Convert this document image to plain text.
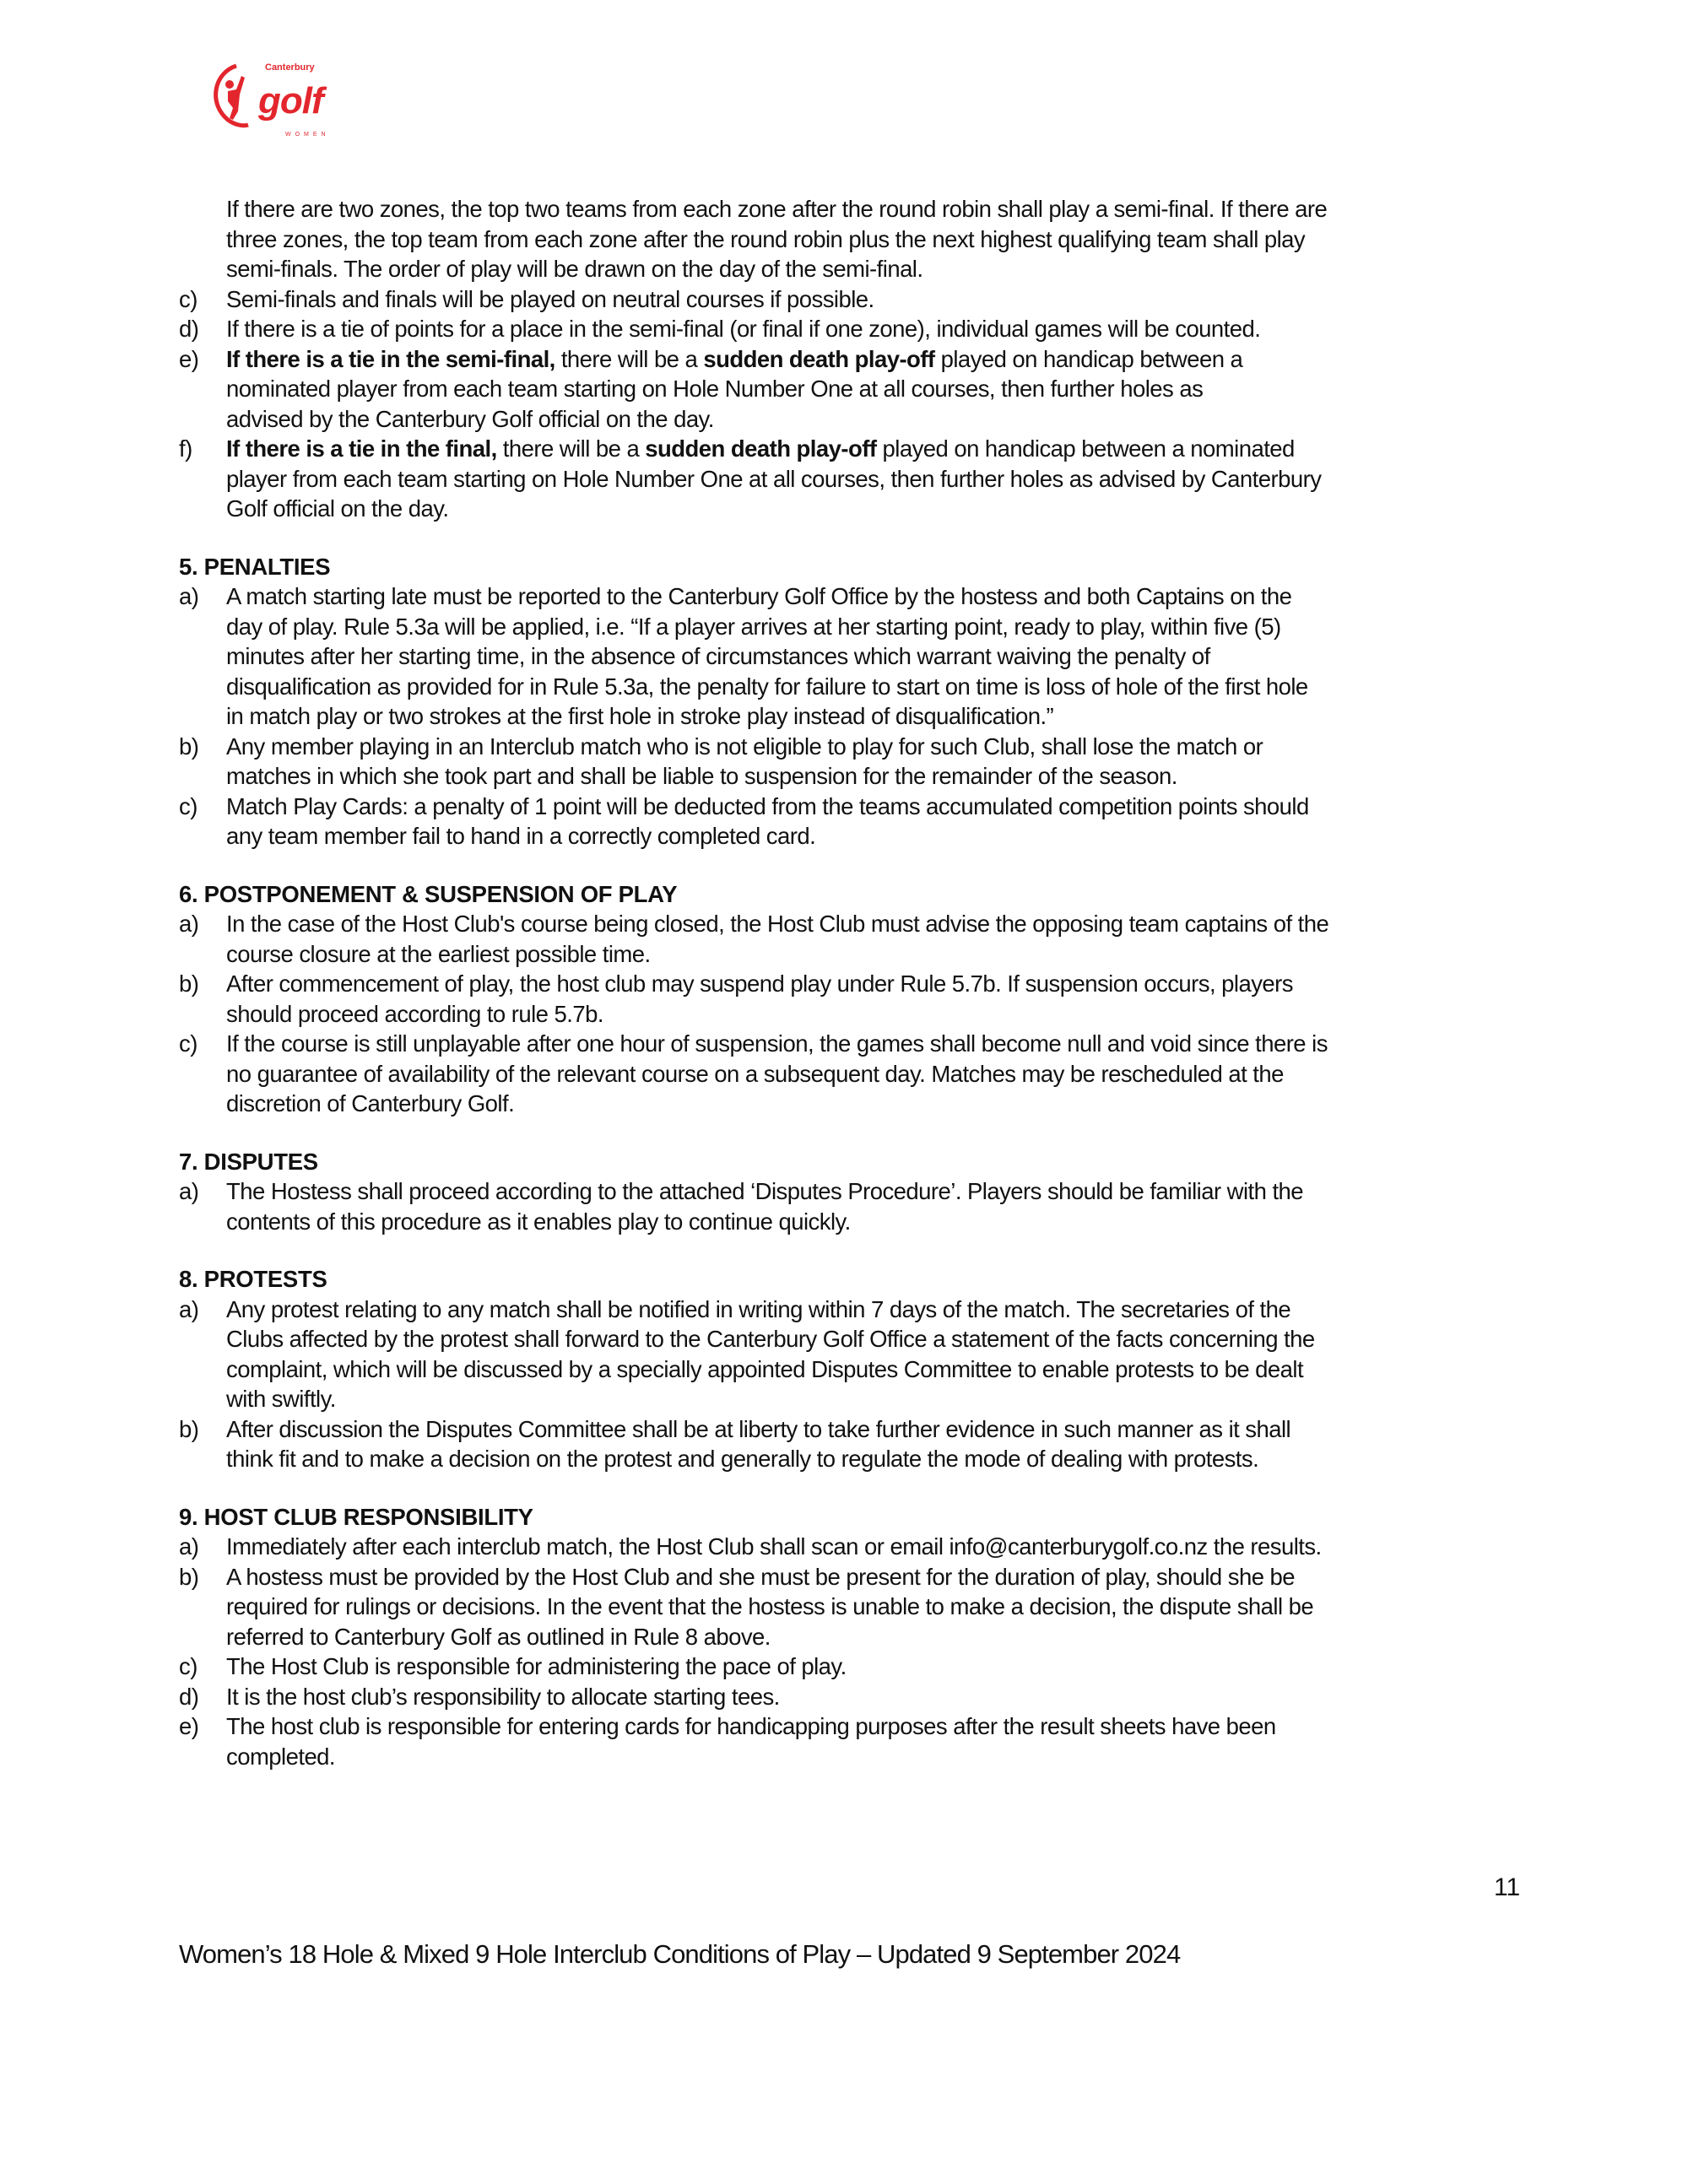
Canterbury
golf
WOMEN
If there are two zones, the top two teams from each zone after the round robin shall play a semi-final. If there are
three zones, the top team from each zone after the round robin plus the next highest qualifying team shall play
semi-finals. The order of play will be drawn on the day of the semi-final.
c)	Semi-finals and finals will be played on neutral courses if possible.
d)	If there is a tie of points for a place in the semi-final (or final if one zone), individual games will be counted.
e)	If there is a tie in the semi-final, there will be a sudden death play-off played on handicap between a
nominated player from each team starting on Hole Number One at all courses, then further holes as
advised by the Canterbury Golf official on the day.
f)	If there is a tie in the final, there will be a sudden death play-off played on handicap between a nominated
player from each team starting on Hole Number One at all courses, then further holes as advised by Canterbury
Golf official on the day.
5. PENALTIES
a)	A match starting late must be reported to the Canterbury Golf Office by the hostess and both Captains on the
day of play. Rule 5.3a will be applied, i.e. “If a player arrives at her starting point, ready to play, within five (5)
minutes after her starting time, in the absence of circumstances which warrant waiving the penalty of
disqualification as provided for in Rule 5.3a, the penalty for failure to start on time is loss of hole of the first hole
in match play or two strokes at the first hole in stroke play instead of disqualification.”
b)	Any member playing in an Interclub match who is not eligible to play for such Club, shall lose the match or
matches in which she took part and shall be liable to suspension for the remainder of the season.
c)	Match Play Cards: a penalty of 1 point will be deducted from the teams accumulated competition points should
any team member fail to hand in a correctly completed card.
6. POSTPONEMENT & SUSPENSION OF PLAY
a)	In the case of the Host Club's course being closed, the Host Club must advise the opposing team captains of the
course closure at the earliest possible time.
b)	After commencement of play, the host club may suspend play under Rule 5.7b. If suspension occurs, players
should proceed according to rule 5.7b.
c)	If the course is still unplayable after one hour of suspension, the games shall become null and void since there is
no guarantee of availability of the relevant course on a subsequent day. Matches may be rescheduled at the
discretion of Canterbury Golf.
7. DISPUTES
a)	The Hostess shall proceed according to the attached ‘Disputes Procedure’. Players should be familiar with the
contents of this procedure as it enables play to continue quickly.
8. PROTESTS
a)	Any protest relating to any match shall be notified in writing within 7 days of the match. The secretaries of the
Clubs affected by the protest shall forward to the Canterbury Golf Office a statement of the facts concerning the
complaint, which will be discussed by a specially appointed Disputes Committee to enable protests to be dealt
with swiftly.
b)	After discussion the Disputes Committee shall be at liberty to take further evidence in such manner as it shall
think fit and to make a decision on the protest and generally to regulate the mode of dealing with protests.
9. HOST CLUB RESPONSIBILITY
a)	Immediately after each interclub match, the Host Club shall scan or email info@canterburygolf.co.nz the results.
b)	A hostess must be provided by the Host Club and she must be present for the duration of play, should she be
required for rulings or decisions. In the event that the hostess is unable to make a decision, the dispute shall be
referred to Canterbury Golf as outlined in Rule 8 above.
c)	The Host Club is responsible for administering the pace of play.
d)	It is the host club’s responsibility to allocate starting tees.
e)	The host club is responsible for entering cards for handicapping purposes after the result sheets have been
completed.
11
Women’s 18 Hole & Mixed 9 Hole Interclub Conditions of Play – Updated 9 September 2024
